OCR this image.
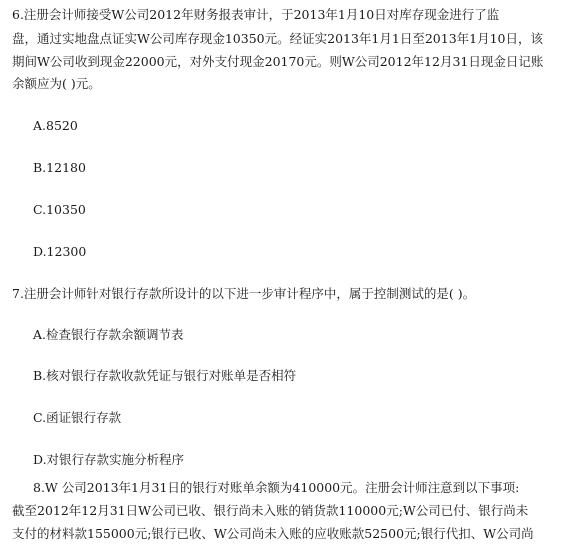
6.注册会计师接受W公司2012年财务报表审计，于2013年1月10日对库存现金进行了监
盘，通过实地盘点证实W公司库存现金10350元。经证实2013年1月1日至2013年1月10日，该
期间W公司收到现金22000元，对外支付现金20170元。则W公司2012年12月31日现金日记账
余额应为( )元。
A.8520
B.12180
C.10350
D.12300
7.注册会计师针对银行存款所设计的以下进一步审计程序中，属于控制测试的是( )。
A.检查银行存款余额调节表
B.核对银行存款收款凭证与银行对账单是否相符
C.函证银行存款
D.对银行存款实施分析程序
8.W 公司2013年1月31日的银行对账单余额为410000元。注册会计师注意到以下事项:
截至2012年12月31日W公司已收、银行尚未入账的销货款110000元;W公司已付、银行尚未
支付的材料款155000元;银行已收、W公司尚未入账的应收账款52500元;银行代扣、W公司尚
